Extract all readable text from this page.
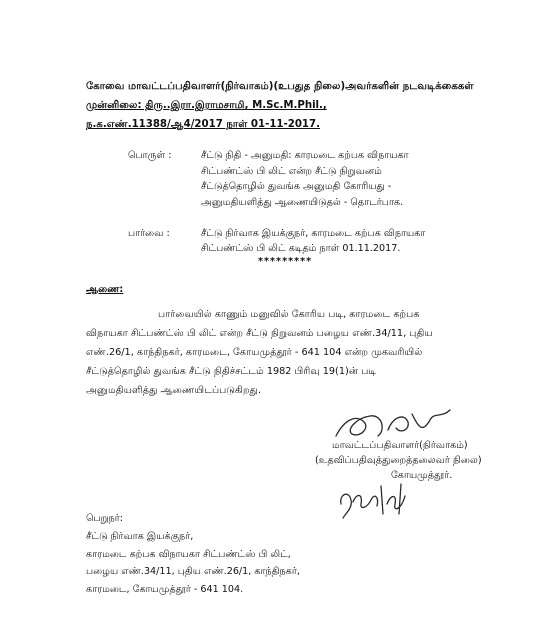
கோவை மாவட்டப்பதிவாளர்(நிர்வாகம்)(உபதுத நிலை)அவர்களின் நடவடிக்கைகள்
முன்னிலை: திரு..இரா.இராமசாமி, M.Sc.M.Phil.,
ந.க.எண்.11388/ஆ4/2017 நாள் 01-11-2017.
பொருள் :	சீட்டு நிதி - அனுமதி: காரமடை கற்பக விநாயகா
சிட்பண்ட்ஸ் பி லிட் என்ற சீட்டு நிறுவனம்
சீட்டுத்தொழில் துவங்க அனுமதி கோரியது -
அனுமதியளித்து ஆணையிடுதல் - தொடர்பாக.
பார்வை :	சீட்டு நிர்வாக இயக்குநர், காரமடை கற்பக விநாயகா
சிட்பண்ட்ஸ் பி லிட் கடிதம் நாள் 01.11.2017.
*********
ஆணை:
பார்வையில் காணும் மனுவில் கோரிய படி, காரமடை கற்பக
விநாயகா சிட்பண்ட்ஸ் பி லிட் என்ற சீட்டு நிறுவனம் பழைய எண்.34/11, புதிய
எண்.26/1, காந்திநகர், காரமடை, கோயமுத்தூர் - 641 104 என்ற முகவரியில்
சீட்டுத்தொழில் துவங்க சீட்டு நிதிச்சட்டம் 1982 பிரிவு 19(1)ன் படி
அனுமதியளித்து ஆணையிடப்படுகிறது.
மாவட்டப்பதிவாளர்(நிர்வாகம்)
(உதவிப்பதிவுத்துறைத்தலைவர் நிலை)
கோயமுத்தூர்.
பெறுநர்:
சீட்டு நிர்வாக இயக்குநர்,
காரமடை கற்பக விநாயகா சிட்பண்ட்ஸ் பி லிட்,
பழைய எண்.34/11, புதிய எண்.26/1, காந்திநகர்,
காரமடை, கோயமுத்தூர் - 641 104.
